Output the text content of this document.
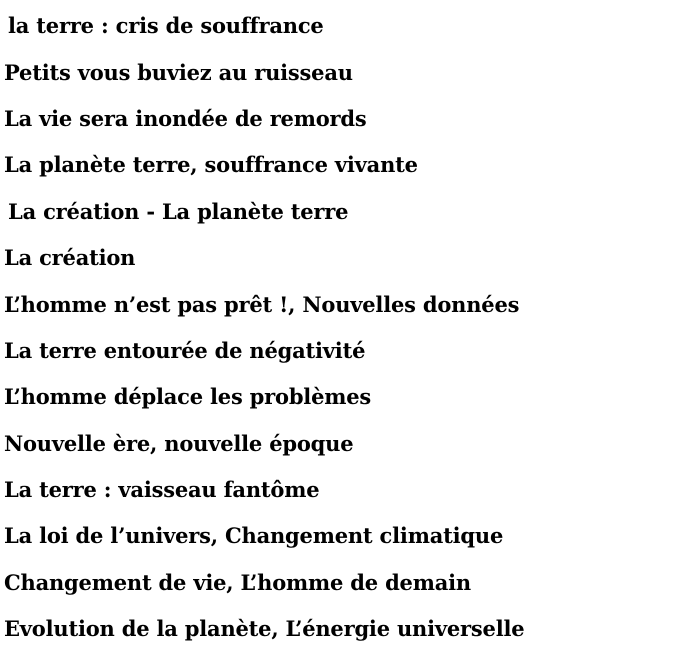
la terre : cris de souffrance
Petits vous buviez au ruisseau
La vie sera inondée de remords
La planète terre, souffrance vivante
La création - La planète terre
La création
L’homme n’est pas prêt !, Nouvelles données
La terre entourée de négativité
L’homme déplace les problèmes
Nouvelle ère, nouvelle époque
La terre : vaisseau fantôme
La loi de l’univers, Changement climatique
Changement de vie, L’homme de demain
Evolution de la planète, L’énergie universelle
